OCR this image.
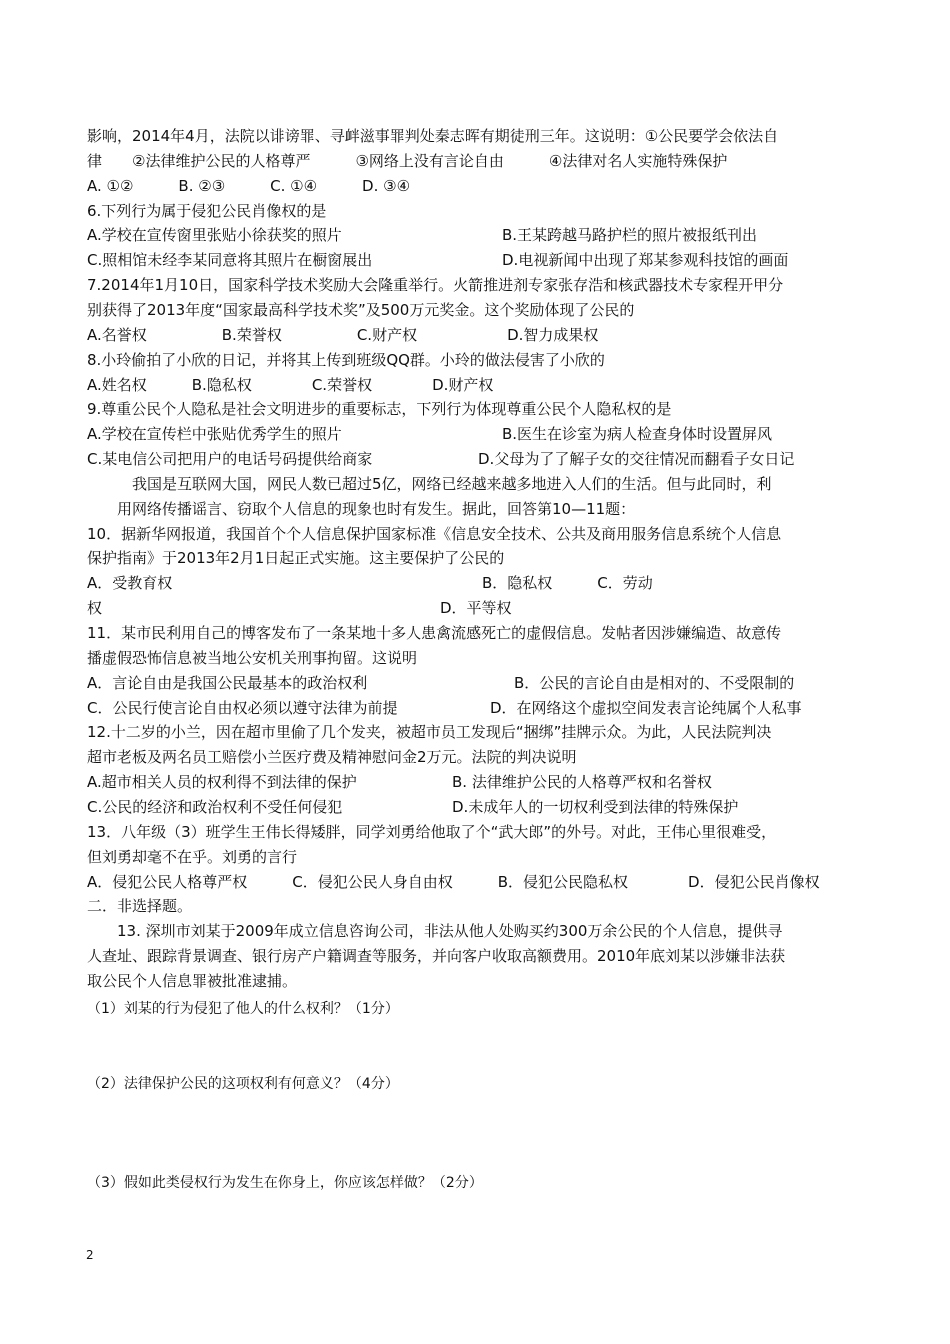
影响，2014年4月，法院以诽谤罪、寻衅滋事罪判处秦志晖有期徒刑三年。这说明：①公民要学会依法自
律　　②法律维护公民的人格尊严　　　③网络上没有言论自由　　　④法律对名人实施特殊保护
A. ①②　　　B. ②③　　　C. ①④　　　D. ③④
6.下列行为属于侵犯公民肖像权的是
A.学校在宣传窗里张贴小徐获奖的照片	B.王某跨越马路护栏的照片被报纸刊出
C.照相馆未经李某同意将其照片在橱窗展出	D.电视新闻中出现了郑某参观科技馆的画面
7.2014年1月10日，国家科学技术奖励大会隆重举行。火箭推进剂专家张存浩和核武器技术专家程开甲分
别获得了2013年度“国家最高科学技术奖”及500万元奖金。这个奖励体现了公民的
A.名誉权　　　　　B.荣誉权　　　　　C.财产权　　　　　　D.智力成果权
8.小玲偷拍了小欣的日记，并将其上传到班级QQ群。小玲的做法侵害了小欣的
A.姓名权　　　B.隐私权　　　　C.荣誉权　　　　D.财产权
9.尊重公民个人隐私是社会文明进步的重要标志，下列行为体现尊重公民个人隐私权的是
A.学校在宣传栏中张贴优秀学生的照片	B.医生在诊室为病人检查身体时设置屏风
C.某电信公司把用户的电话号码提供给商家	D.父母为了了解子女的交往情况而翻看子女日记
　　　我国是互联网大国，网民人数已超过5亿，网络已经越来越多地进入人们的生活。但与此同时，利
　　用网络传播谣言、窃取个人信息的现象也时有发生。据此，回答第10—11题：
10．据新华网报道，我国首个个人信息保护国家标准《信息安全技术、公共及商用服务信息系统个人信息
保护指南》于2013年2月1日起正式实施。这主要保护了公民的
A．受教育权	B．隐私权　　　C．劳动
权	D．平等权
11．某市民利用自己的博客发布了一条某地十多人患禽流感死亡的虚假信息。发帖者因涉嫌编造、故意传
播虚假恐怖信息被当地公安机关刑事拘留。这说明
A．言论自由是我国公民最基本的政治权利	B．公民的言论自由是相对的、不受限制的
C．公民行使言论自由权必须以遵守法律为前提	D．在网络这个虚拟空间发表言论纯属个人私事
12.十二岁的小兰，因在超市里偷了几个发夹，被超市员工发现后“捆绑”挂牌示众。为此，人民法院判决
超市老板及两名员工赔偿小兰医疗费及精神慰问金2万元。法院的判决说明
A.超市相关人员的权利得不到法律的保护	B. 法律维护公民的人格尊严权和名誉权
C.公民的经济和政治权利不受任何侵犯	D.未成年人的一切权利受到法律的特殊保护
13．八年级（3）班学生王伟长得矮胖，同学刘勇给他取了个“武大郎”的外号。对此，王伟心里很难受，
但刘勇却毫不在乎。刘勇的言行
A．侵犯公民人格尊严权　　　C．侵犯公民人身自由权　　　B．侵犯公民隐私权　　　　D．侵犯公民肖像权
二．非选择题。
　　13. 深圳市刘某于2009年成立信息咨询公司，非法从他人处购买约300万余公民的个人信息，提供寻
人查址、跟踪背景调查、银行房产户籍调查等服务，并向客户收取高额费用。2010年底刘某以涉嫌非法获
取公民个人信息罪被批准逮捕。
（1）刘某的行为侵犯了他人的什么权利？（1分）
（2）法律保护公民的这项权利有何意义？（4分）
（3）假如此类侵权行为发生在你身上，你应该怎样做？（2分）
2
